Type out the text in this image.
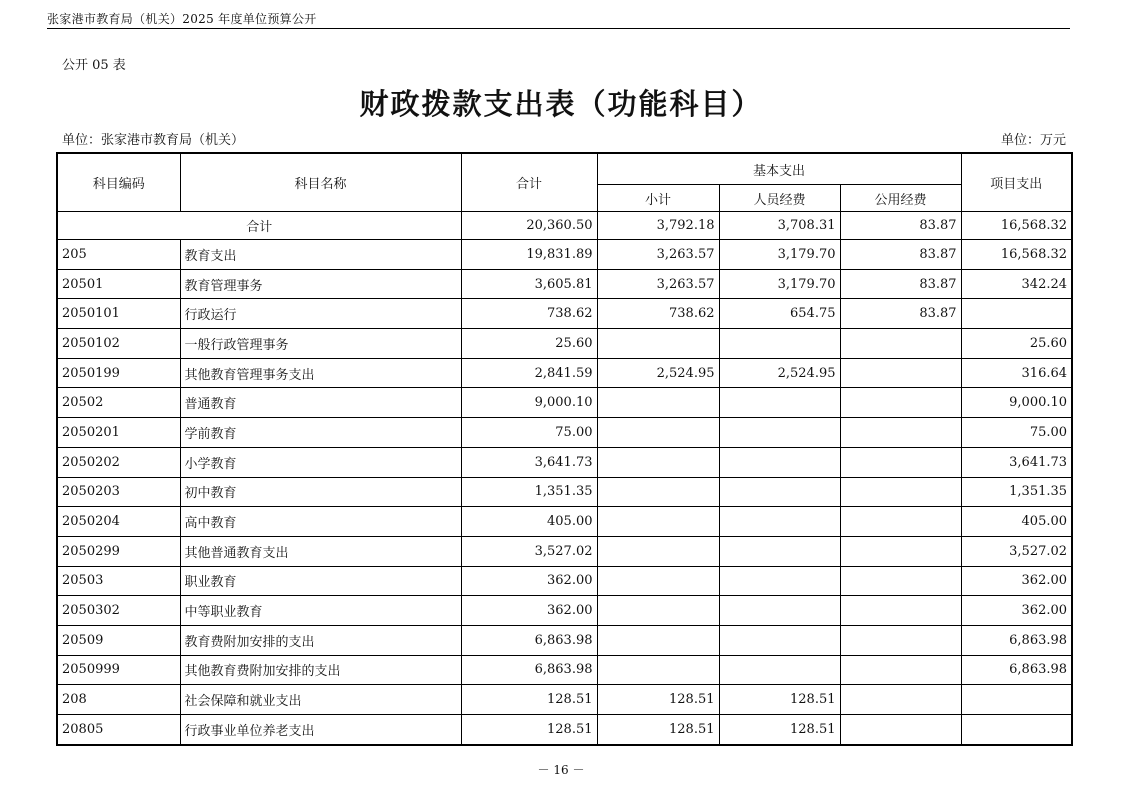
张家港市教育局（机关）2025 年度单位预算公开
公开 05 表
财政拨款支出表（功能科目）
单位：张家港市教育局（机关）	单位：万元
科目编码	科目名称	合计	基本支出			项目支出
			小计	人员经费	公用经费	
合计		20,360.50	3,792.18	3,708.31	83.87	16,568.32
205	教育支出	19,831.89	3,263.57	3,179.70	83.87	16,568.32
20501	教育管理事务	3,605.81	3,263.57	3,179.70	83.87	342.24
2050101	行政运行	738.62	738.62	654.75	83.87	
2050102	一般行政管理事务	25.60				25.60
2050199	其他教育管理事务支出	2,841.59	2,524.95	2,524.95		316.64
20502	普通教育	9,000.10				9,000.10
2050201	学前教育	75.00				75.00
2050202	小学教育	3,641.73				3,641.73
2050203	初中教育	1,351.35				1,351.35
2050204	高中教育	405.00				405.00
2050299	其他普通教育支出	3,527.02				3,527.02
20503	职业教育	362.00				362.00
2050302	中等职业教育	362.00				362.00
20509	教育费附加安排的支出	6,863.98				6,863.98
2050999	其他教育费附加安排的支出	6,863.98				6,863.98
208	社会保障和就业支出	128.51	128.51	128.51		
20805	行政事业单位养老支出	128.51	128.51	128.51		
－ 16 －
